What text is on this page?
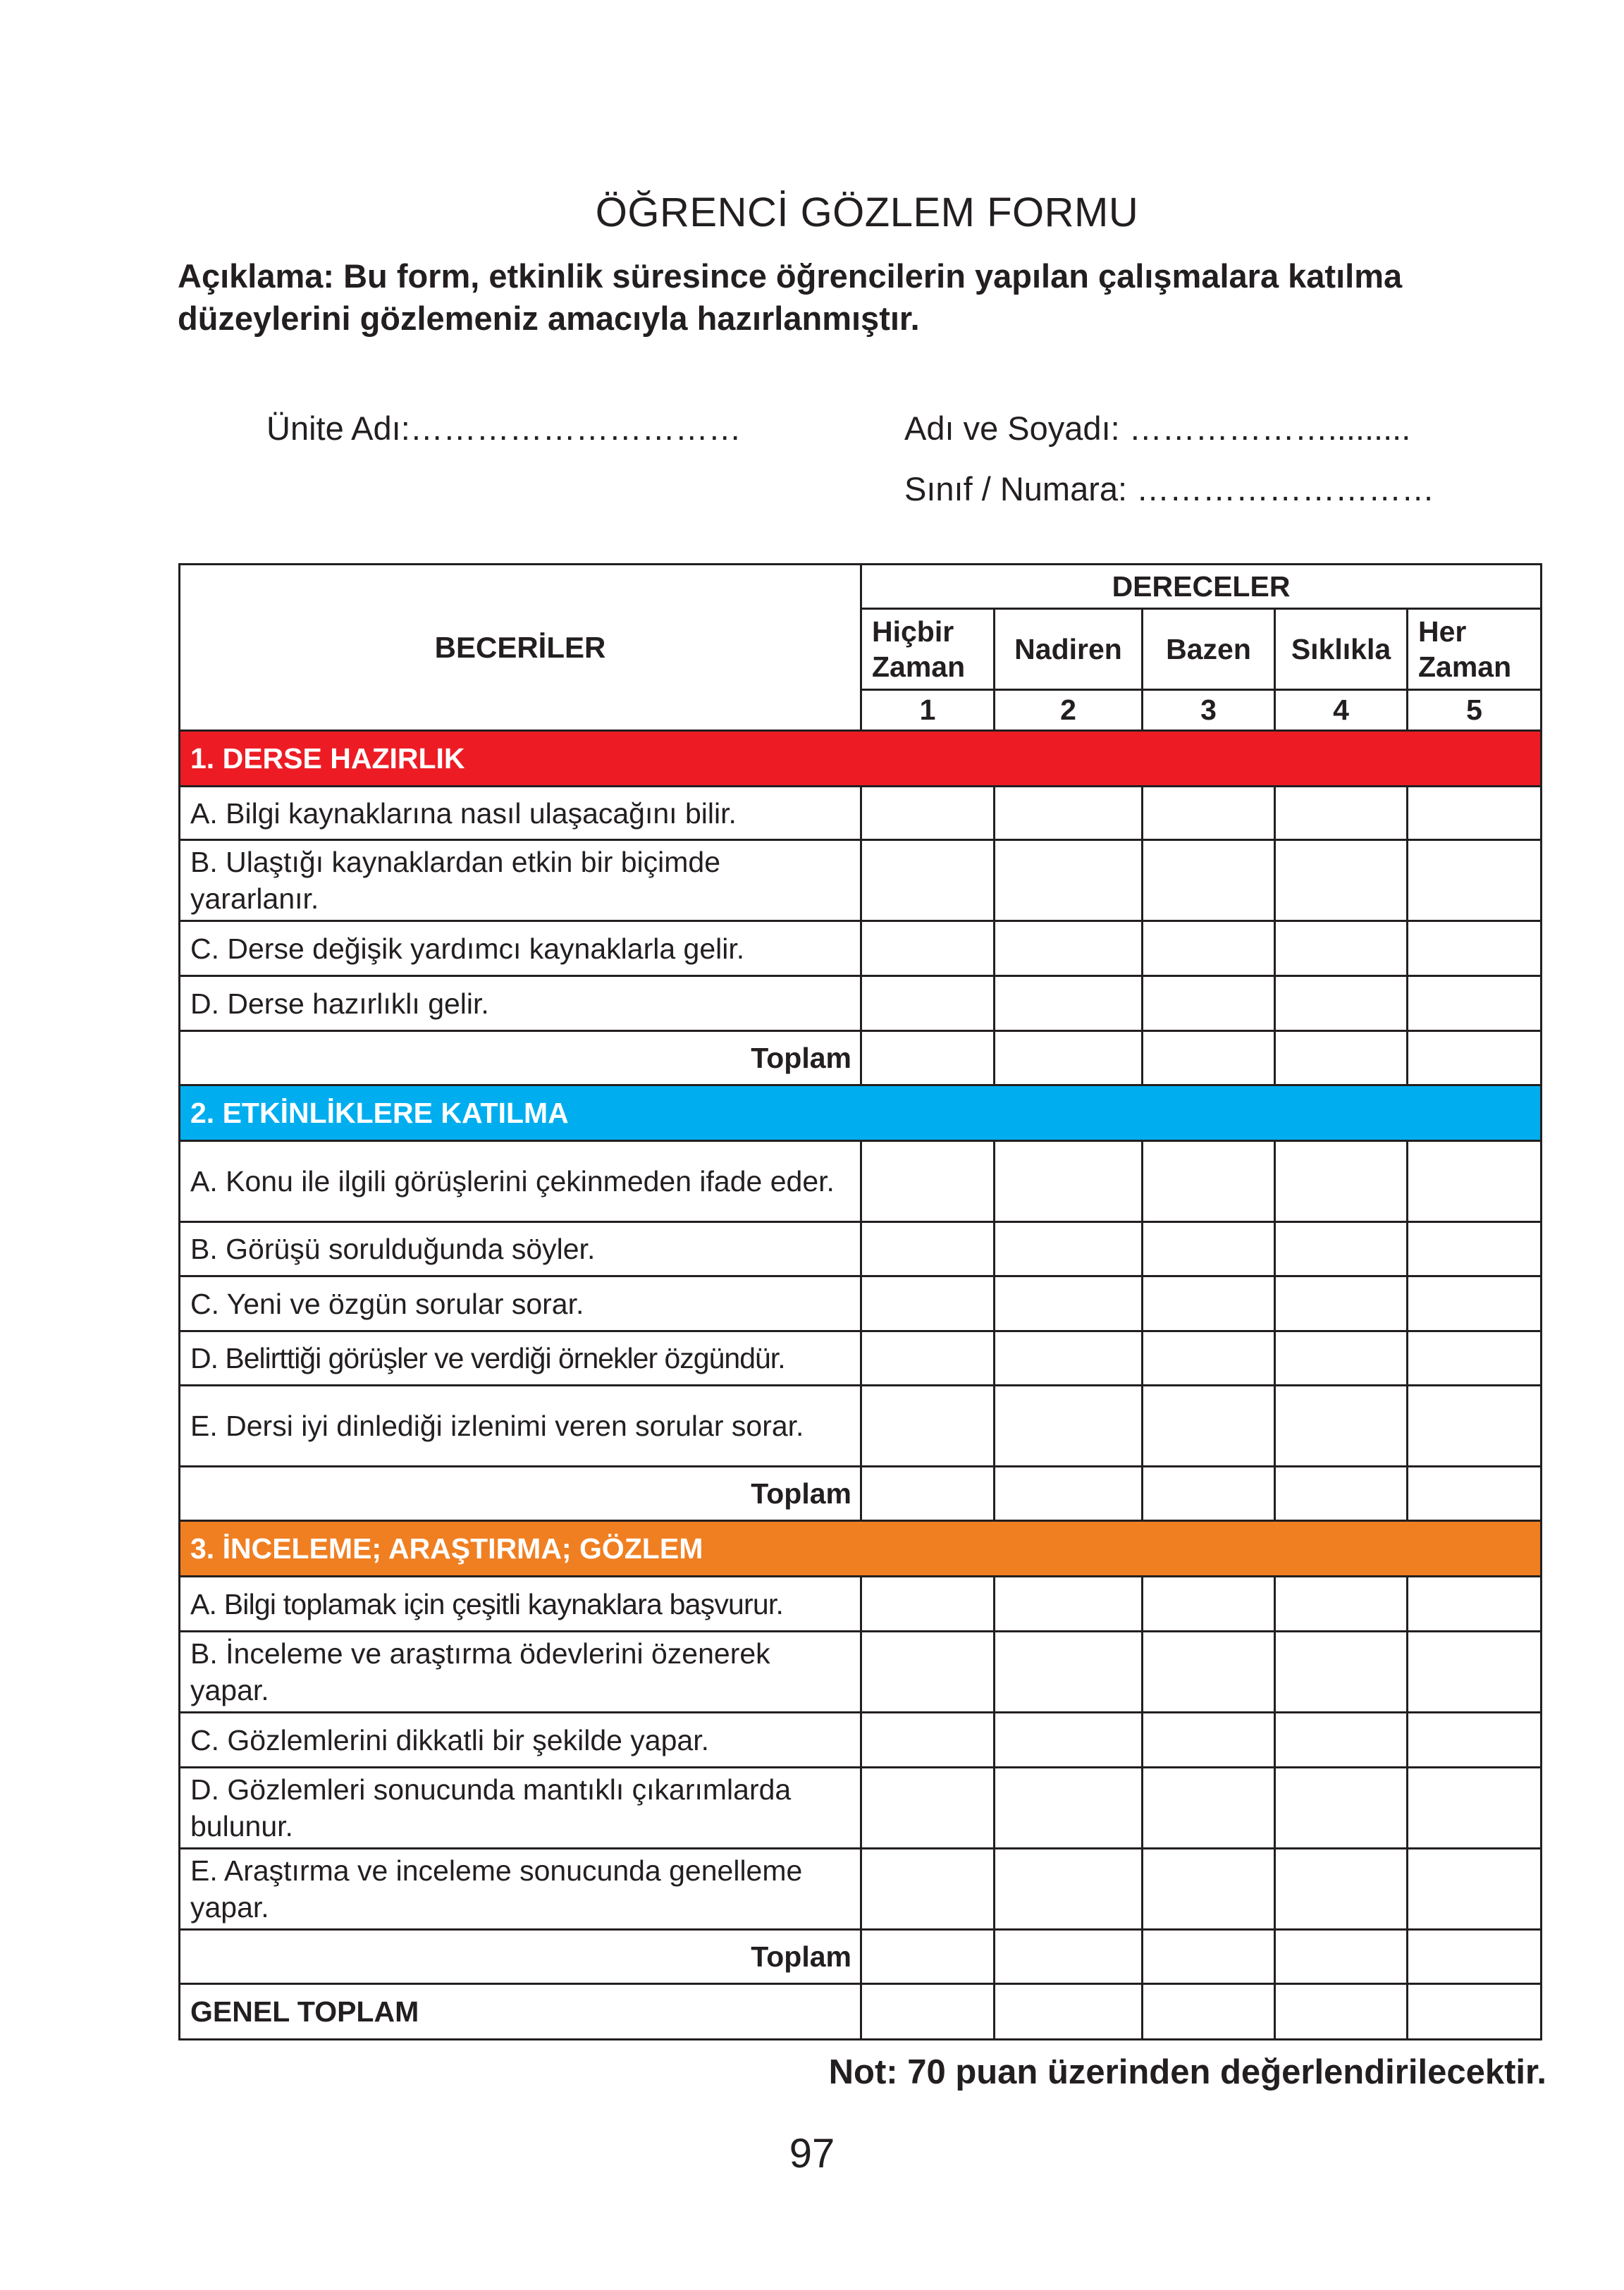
ÖĞRENCİ GÖZLEM FORMU
Açıklama: Bu form, etkinlik süresince öğrencilerin yapılan çalışmalara katılma düzeylerini gözlemeniz amacıyla hazırlanmıştır.
Ünite Adı:…………………………	Adı ve Soyadı: ……………….........
Sınıf / Numara: ………………………
BECERİLER	DERECELER				
	Hiçbir Zaman	Nadiren	Bazen	Sıklıkla	Her Zaman
	1	2	3	4	5
1. DERSE HAZIRLIK					
A. Bilgi kaynaklarına nasıl ulaşacağını bilir.					
B. Ulaştığı kaynaklardan etkin bir biçimde yararlanır.					
C. Derse değişik yardımcı kaynaklarla gelir.					
D. Derse hazırlıklı gelir.					
Toplam					
2. ETKİNLİKLERE KATILMA					
A. Konu ile ilgili görüşlerini çekinmeden ifade eder.					
B. Görüşü sorulduğunda söyler.					
C. Yeni ve özgün sorular sorar.					
D. Belirttiği görüşler ve verdiği örnekler özgündür.					
E. Dersi iyi dinlediği izlenimi veren sorular sorar.					
Toplam					
3. İNCELEME; ARAŞTIRMA; GÖZLEM					
A. Bilgi toplamak için çeşitli kaynaklara başvurur.					
B. İnceleme ve araştırma ödevlerini özenerek yapar.					
C. Gözlemlerini dikkatli bir şekilde yapar.					
D. Gözlemleri sonucunda mantıklı çıkarımlarda bulunur.					
E. Araştırma ve inceleme sonucunda genelleme yapar.					
Toplam					
GENEL TOPLAM					
Not: 70 puan üzerinden değerlendirilecektir.
97
